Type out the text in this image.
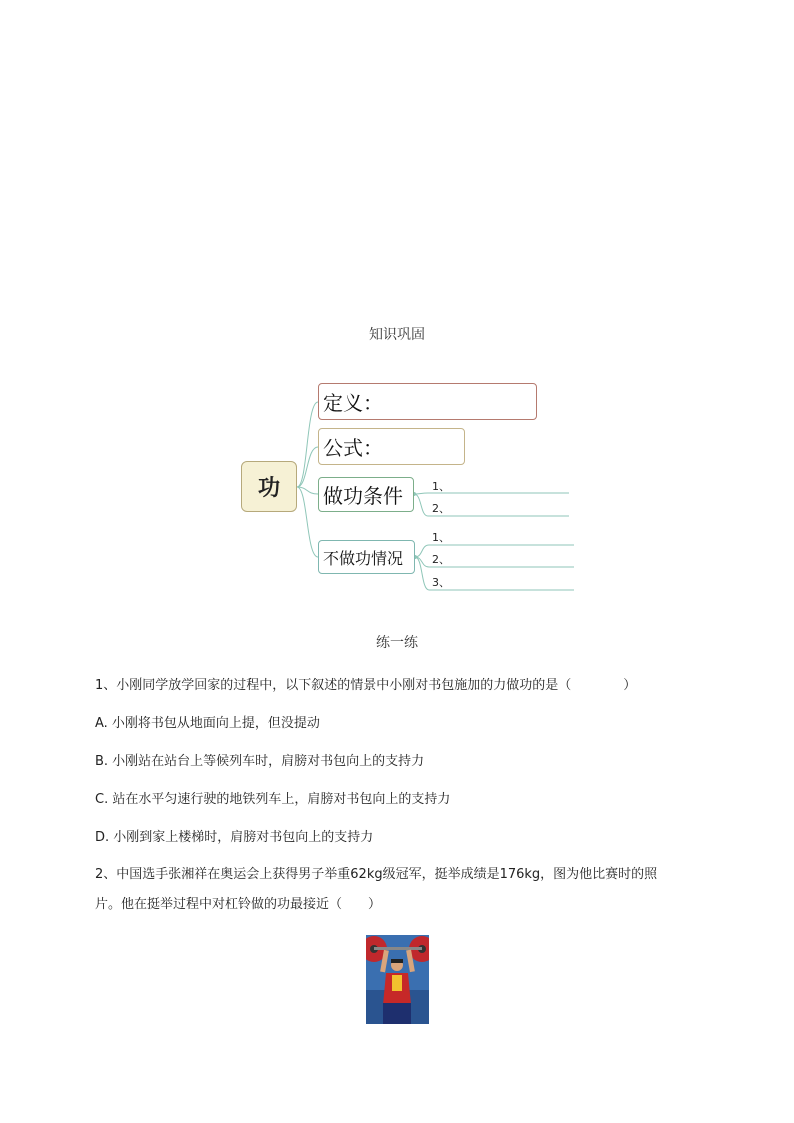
知识巩固
功
定义：
公式：
做功条件
不做功情况
1、
2、
1、
2、
3、
练一练
1、小刚同学放学回家的过程中，以下叙述的情景中小刚对书包施加的力做功的是（　　　　）
A. 小刚将书包从地面向上提，但没提动
B. 小刚站在站台上等候列车时，肩膀对书包向上的支持力
C. 站在水平匀速行驶的地铁列车上，肩膀对书包向上的支持力
D. 小刚到家上楼梯时，肩膀对书包向上的支持力
2、中国选手张湘祥在奥运会上获得男子举重62kg级冠军，挺举成绩是176kg，图为他比赛时的照
片。他在挺举过程中对杠铃做的功最接近（　　）
